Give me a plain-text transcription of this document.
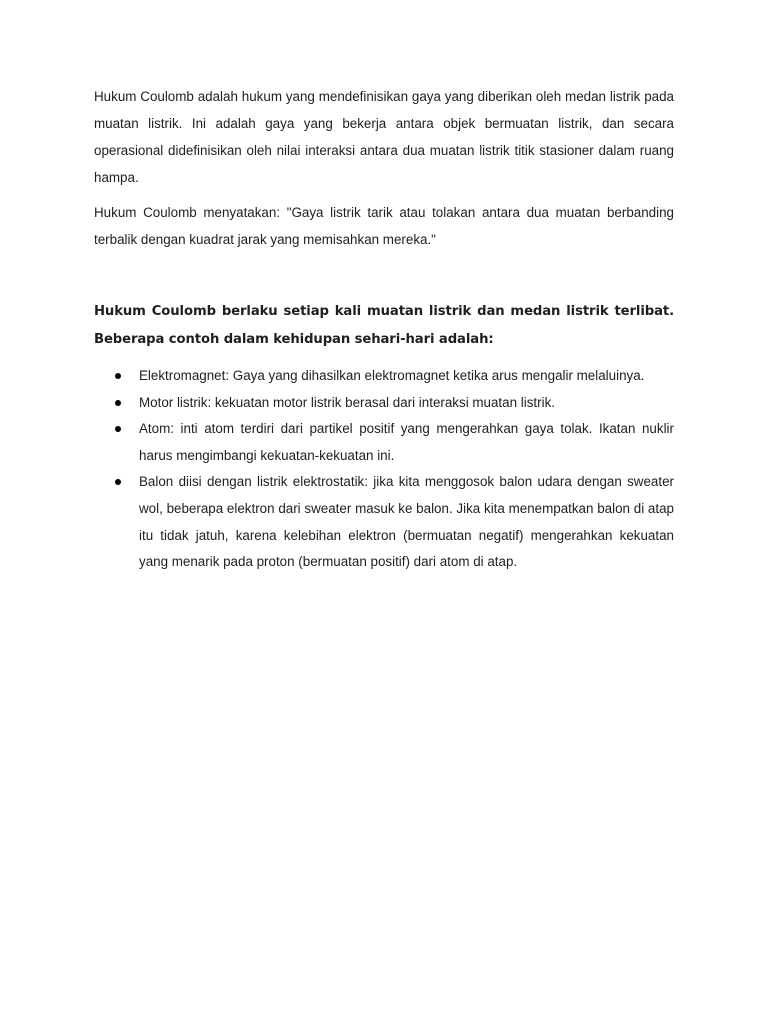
Hukum Coulomb adalah hukum yang mendefinisikan gaya yang diberikan oleh medan listrik pada muatan listrik. Ini adalah gaya yang bekerja antara objek bermuatan listrik, dan secara operasional didefinisikan oleh nilai interaksi antara dua muatan listrik titik stasioner dalam ruang hampa.

Hukum Coulomb menyatakan: "Gaya listrik tarik atau tolakan antara dua muatan berbanding terbalik dengan kuadrat jarak yang memisahkan mereka."

Hukum Coulomb berlaku setiap kali muatan listrik dan medan listrik terlibat. Beberapa contoh dalam kehidupan sehari-hari adalah:

Elektromagnet: Gaya yang dihasilkan elektromagnet ketika arus mengalir melaluinya.
Motor listrik: kekuatan motor listrik berasal dari interaksi muatan listrik.
Atom: inti atom terdiri dari partikel positif yang mengerahkan gaya tolak. Ikatan nuklir harus mengimbangi kekuatan-kekuatan ini.
Balon diisi dengan listrik elektrostatik: jika kita menggosok balon udara dengan sweater wol, beberapa elektron dari sweater masuk ke balon. Jika kita menempatkan balon di atap itu tidak jatuh, karena kelebihan elektron (bermuatan negatif) mengerahkan kekuatan yang menarik pada proton (bermuatan positif) dari atom di atap.
